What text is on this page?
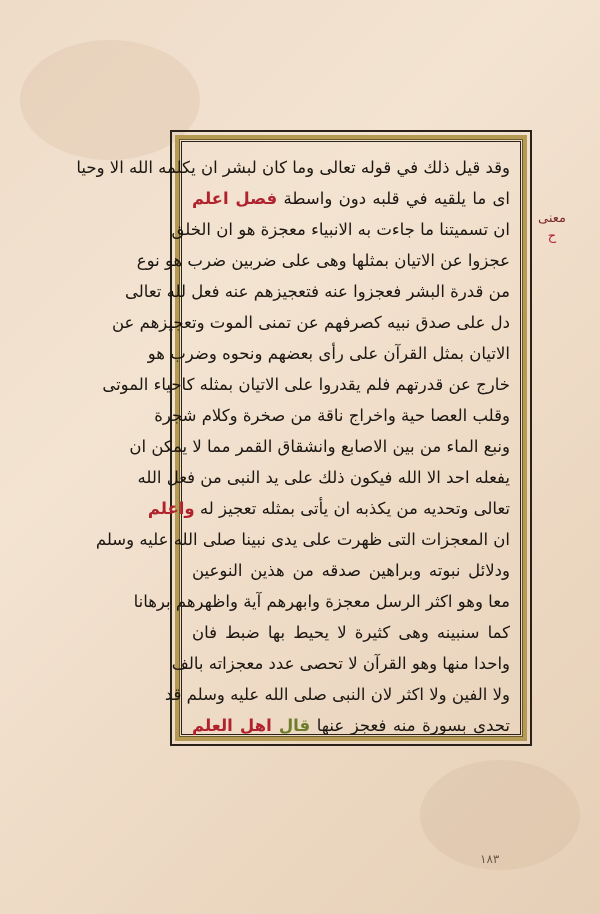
معنى
ح
وقد قيل ذلك في قوله تعالى وما كان لبشر ان يكلمه الله الا وحيا
اى ما يلقيه في قلبه دون واسطة فصل اعلم
ان تسميتنا ما جاءت به الانبياء معجزة هو ان الخلق
عجزوا عن الاتيان بمثلها وهى على ضربين ضرب هو نوع
من قدرة البشر فعجزوا عنه فتعجيزهم عنه فعل لله تعالى
دل على صدق نبيه كصرفهم عن تمنى الموت وتعجيزهم عن
الاتيان بمثل القرآن على رأى بعضهم ونحوه وضرب هو
خارج عن قدرتهم فلم يقدروا على الاتيان بمثله كاحياء الموتى
وقلب العصا حية واخراج ناقة من صخرة وكلام شجرة
ونبع الماء من بين الاصابع وانشقاق القمر مما لا يمكن ان
يفعله احد الا الله فيكون ذلك على يد النبى من فعل الله
تعالى وتحديه من يكذبه ان يأتى بمثله تعجيز له واعلم
ان المعجزات التى ظهرت على يدى نبينا صلى الله عليه وسلم
ودلائل نبوته وبراهين صدقه من هذين النوعين
معا وهو اكثر الرسل معجزة وابهرهم آية واظهرهم برهانا
كما سنبينه وهى كثيرة لا يحيط بها ضبط فان
واحدا منها وهو القرآن لا تحصى عدد معجزاته بالف
ولا الفين ولا اكثر لان النبى صلى الله عليه وسلم قد
تحدى بسورة منه فعجز عنها قال اهل العلم
١٨٣
